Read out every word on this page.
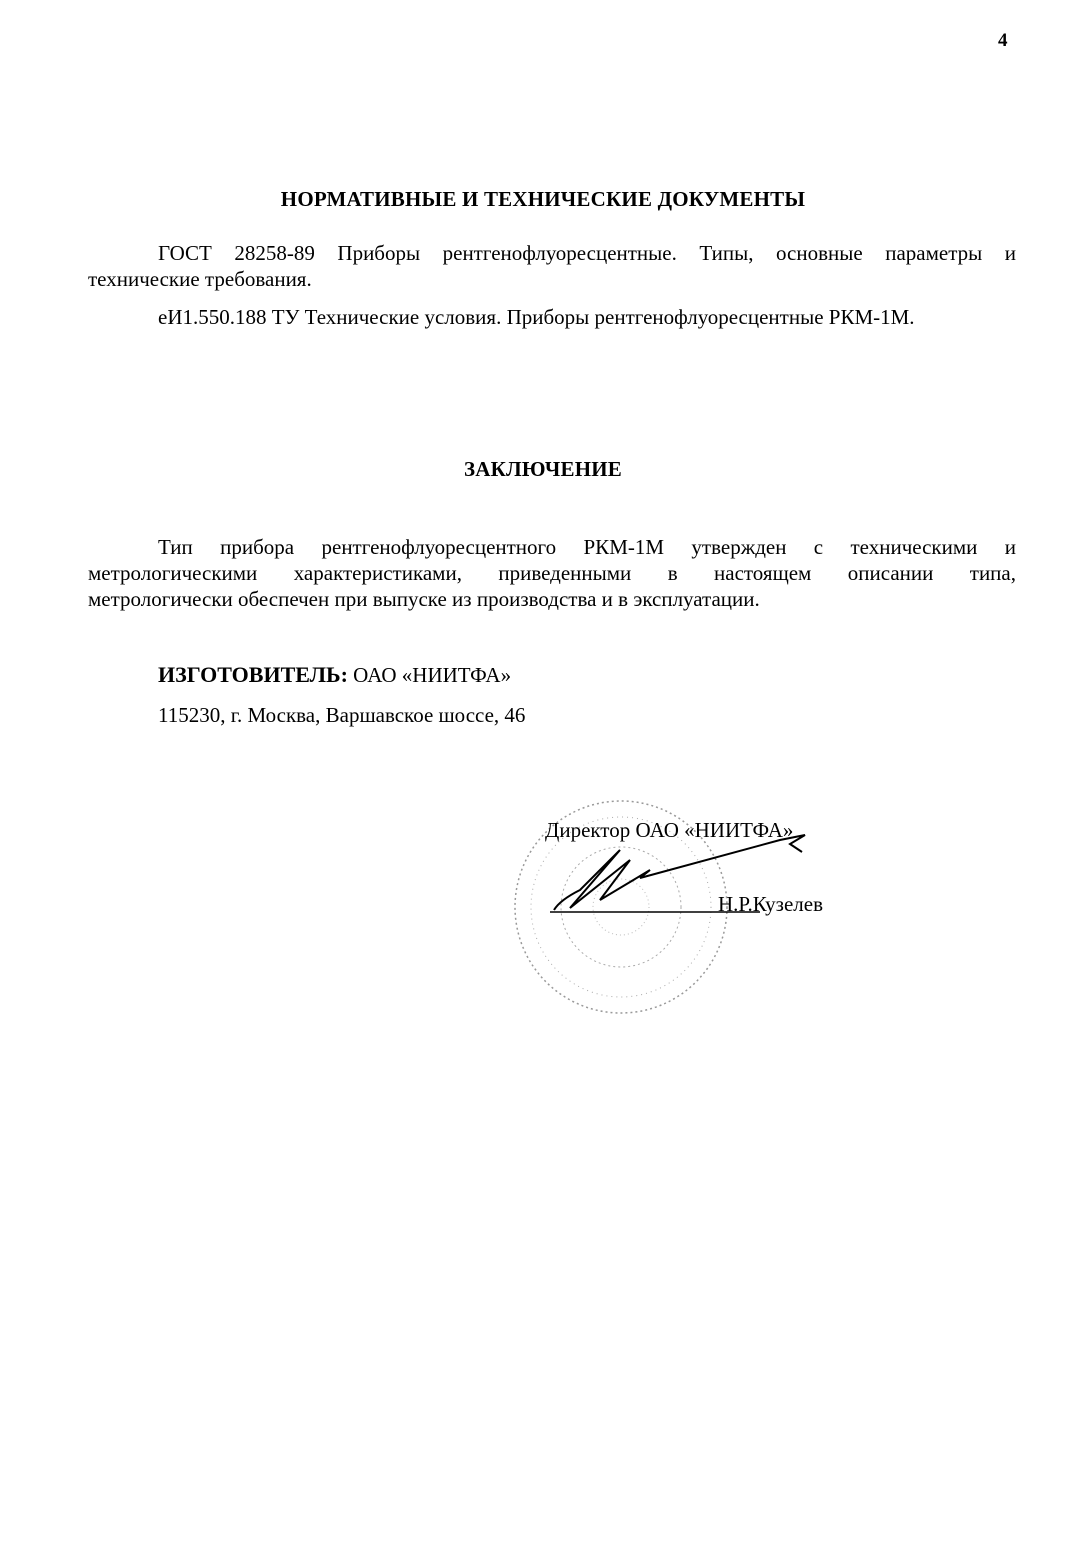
4
НОРМАТИВНЫЕ И ТЕХНИЧЕСКИЕ ДОКУМЕНТЫ
ГОСТ 28258-89 Приборы рентгенофлуоресцентные. Типы, основные параметры и
технические требования.
еИ1.550.188 ТУ Технические условия. Приборы рентгенофлуоресцентные РКМ-1М.
ЗАКЛЮЧЕНИЕ
Тип прибора рентгенофлуоресцентного РКМ-1М утвержден с техническими и
метрологическими характеристиками, приведенными в настоящем описании типа,
метрологически обеспечен при выпуске из производства и в эксплуатации.
ИЗГОТОВИТЕЛЬ: ОАО «НИИТФА»
115230, г. Москва, Варшавское шоссе, 46
Директор ОАО «НИИТФА»
Н.Р.Кузелев
